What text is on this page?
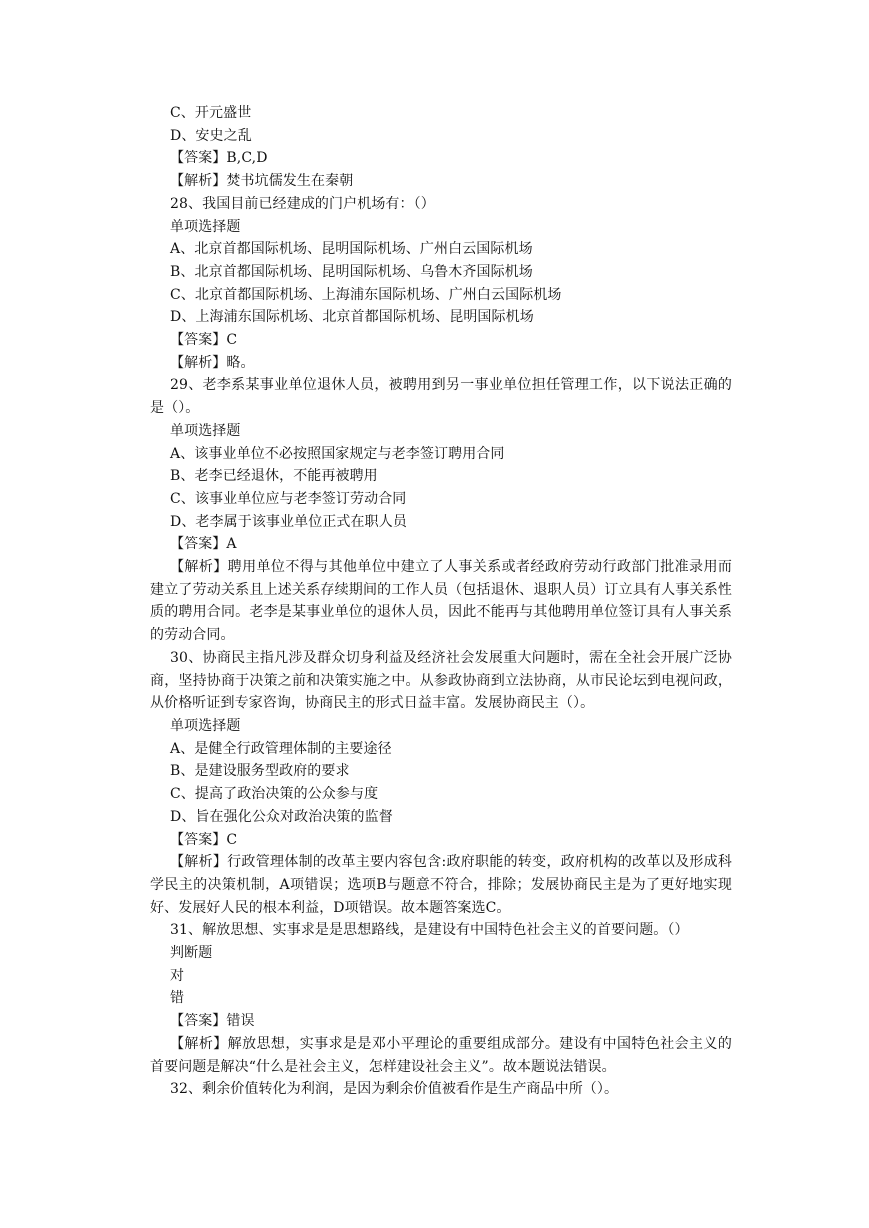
C、开元盛世

D、安史之乱

【答案】B,C,D

【解析】焚书坑儒发生在秦朝

28、我国目前已经建成的门户机场有：（）

单项选择题

A、北京首都国际机场、昆明国际机场、广州白云国际机场

B、北京首都国际机场、昆明国际机场、乌鲁木齐国际机场

C、北京首都国际机场、上海浦东国际机场、广州白云国际机场

D、上海浦东国际机场、北京首都国际机场、昆明国际机场

【答案】C

【解析】略。

29、老李系某事业单位退休人员，被聘用到另一事业单位担任管理工作，以下说法正确的是（）。

单项选择题

A、该事业单位不必按照国家规定与老李签订聘用合同

B、老李已经退休，不能再被聘用

C、该事业单位应与老李签订劳动合同

D、老李属于该事业单位正式在职人员

【答案】A

【解析】聘用单位不得与其他单位中建立了人事关系或者经政府劳动行政部门批准录用而建立了劳动关系且上述关系存续期间的工作人员（包括退休、退职人员）订立具有人事关系性质的聘用合同。老李是某事业单位的退休人员，因此不能再与其他聘用单位签订具有人事关系的劳动合同。

30、协商民主指凡涉及群众切身利益及经济社会发展重大问题时，需在全社会开展广泛协商，坚持协商于决策之前和决策实施之中。从参政协商到立法协商，从市民论坛到电视问政，从价格听证到专家咨询，协商民主的形式日益丰富。发展协商民主（）。

单项选择题

A、是健全行政管理体制的主要途径

B、是建设服务型政府的要求

C、提高了政治决策的公众参与度

D、旨在强化公众对政治决策的监督

【答案】C

【解析】行政管理体制的改革主要内容包含:政府职能的转变，政府机构的改革以及形成科学民主的决策机制，A项错误；选项B与题意不符合，排除；发展协商民主是为了更好地实现好、发展好人民的根本利益，D项错误。故本题答案选C。

31、解放思想、实事求是是思想路线，是建设有中国特色社会主义的首要问题。（）

判断题

对

错

【答案】错误

【解析】解放思想，实事求是是邓小平理论的重要组成部分。建设有中国特色社会主义的首要问题是解决“什么是社会主义，怎样建设社会主义”。故本题说法错误。

32、剩余价值转化为利润，是因为剩余价值被看作是生产商品中所（）。
